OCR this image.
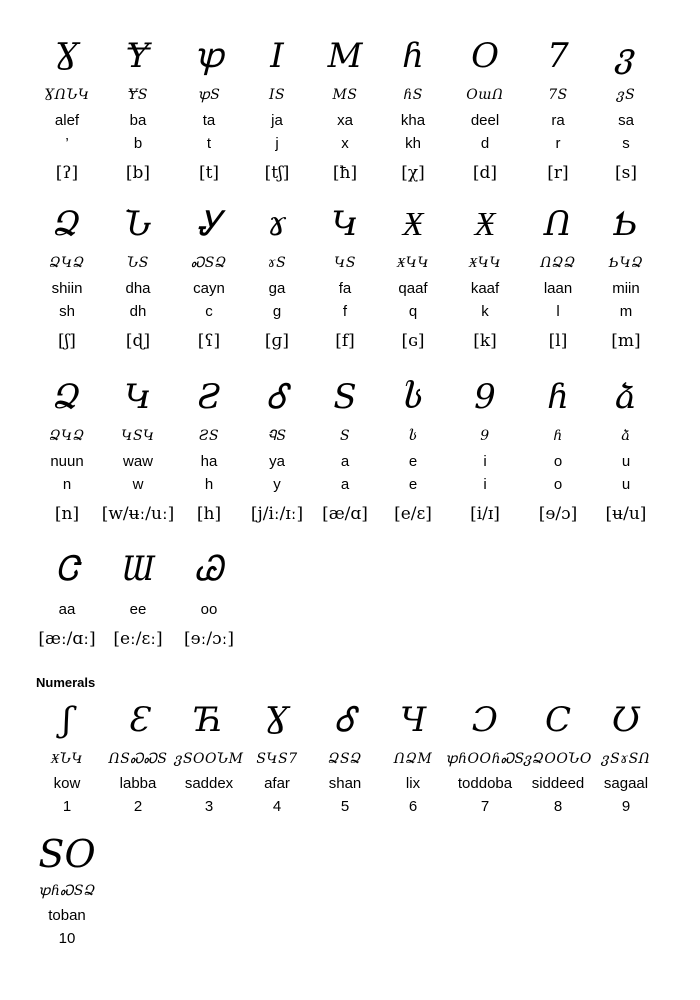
Ɣ
ƔՈՆԿ
alef
’
[ʔ]
Ɏ
ɎS
ba
b
[b]
ꝕ
ꝕS
ta
t
[t]
I
IS
ja
j
[tʃ]
M
MS
xa
x
[ħ]
ɦ
ɦS
kha
kh
[χ]
O
OɯՈ
deel
d
[d]
7
7S
ra
r
[r]
ვ
ვS
sa
s
[s]
Ձ
ՁԿՁ
shiin
sh
[ʃ]
Ն
ՆS
dha
dh
[ɖ]
Ꮍ
ᏍSՁ
cayn
c
[ʕ]
ɤ
ɤS
ga
g
[ɡ]
Կ
ԿS
fa
f
[f]
Ӿ
ӾԿԿ
qaaf
q
[ɢ]
Ӿ
ӾԿԿ
kaaf
k
[k]
Ո
ՈՁՁ
laan
l
[l]
Ƅ
ƄԿՁ
miin
m
[m]
Ձ
ՁԿՁ
nuun
n
[n]
Կ
ԿSԿ
waw
w
[w/ʉː/uː]
Ƨ
ƧS
ha
h
[h]
Ꮄ
ᏄS
ya
y
[j/iː/ɪː]
S
S
a
a
[æ/ɑ]
ს
ს
e
e
[e/ɛ]
9
9
i
i
[i/ɪ]
ɦ
ɦ
o
o
[ɘ/ɔ]
ձ
ձ
u
u
[ʉ/u]
Ꮳ
aa
[æː/ɑː]
Ɯ
ee
[eː/ɛː]
Ꮚ
oo
[ɘː/ɔː]
Numerals
ʃ
ӾՆԿ
kow
1
Ɛ
ՈSᏍᏍS
labba
2
Ћ
ვSOOՆM
saddex
3
Ɣ
SԿS7
afar
4
Ꮄ
ՁSՁ
shan
5
Ч
ՈՁM
lix
6
Ɔ
ꝕɦOOɦᏍS
toddoba
7
C
ვՁOOՆO
siddeed
8
Ʊ
ვSɤSՈ
sagaal
9
SO
ꝕɦᏍSՁ
toban
10
